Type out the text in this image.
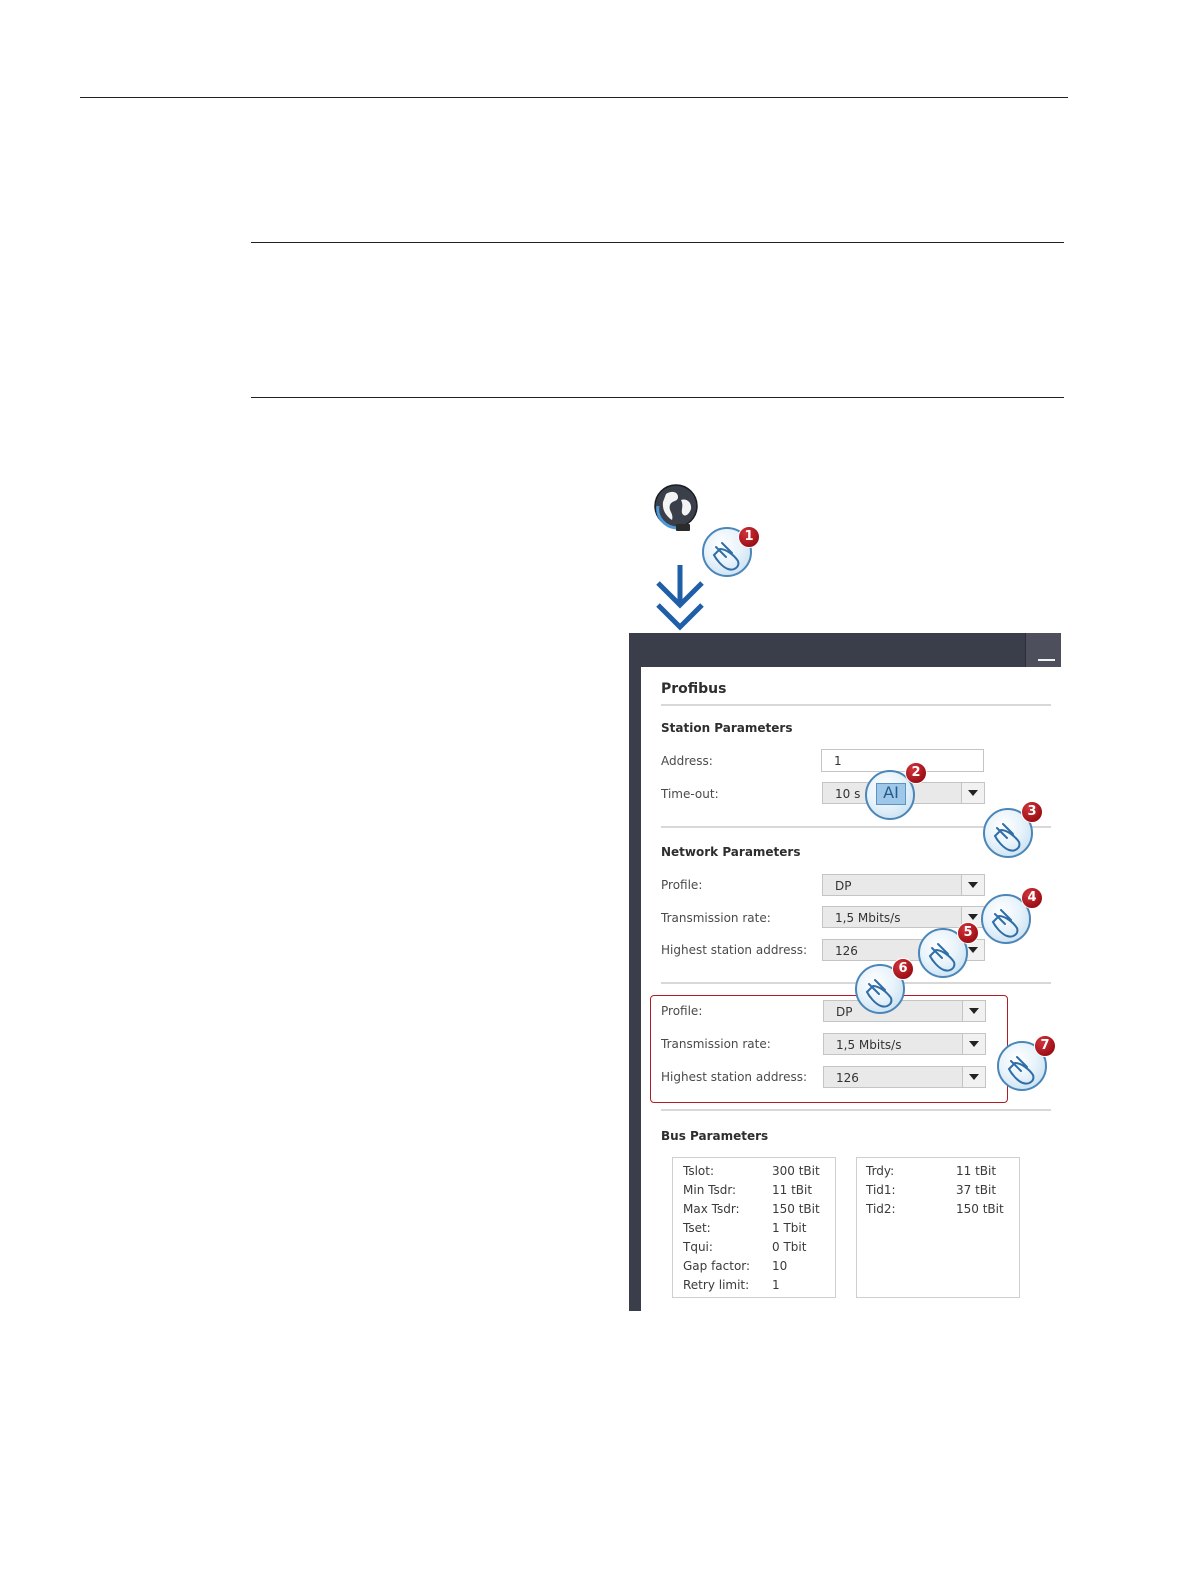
1
Profibus
Station Parameters
Address:	1
Time-out:	10 s
Network Parameters
Profile:	DP
Transmission rate:	1,5 Mbits/s
Highest station address: 126
Profile:	DP
Transmission rate:	1,5 Mbits/s
Highest station address: 126
Bus Parameters
Tslot:	300 tBit
Min Tsdr:	11 tBit
Max Tsdr:	150 tBit
Tset:	1 Tbit
Tqui:	0 Tbit
Gap factor: 10
Retry limit: 1
Trdy:	11 tBit
Tid1:	37 tBit
Tid2:	150 tBit
AI
2
3
4
5
6
7
